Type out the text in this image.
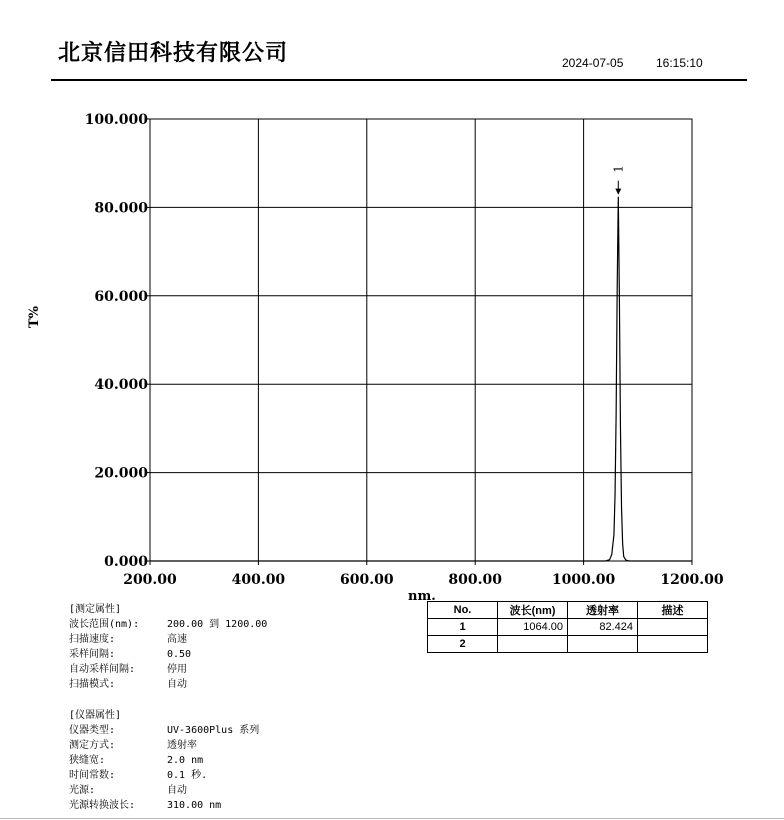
北京信田科技有限公司	2024-07-05	16:15:10
200.00	400.00	600.00	800.00	1000.00	1200.00
0.000
20.000
40.000
60.000
80.000
100.000
1
T%
nm.
No.	波长(nm)	透射率	描述
1	1064.00	82.424	
2			
[测定属性]
波长范围(nm):	200.00 到 1200.00
扫描速度:	高速
采样间隔:	0.50
自动采样间隔:	停用
扫描模式:	自动
[仪器属性]
仪器类型:	UV-3600Plus 系列
测定方式:	透射率
狭缝宽:	2.0 nm
时间常数:	0.1 秒.
光源:	自动
光源转换波长:	310.00 nm
